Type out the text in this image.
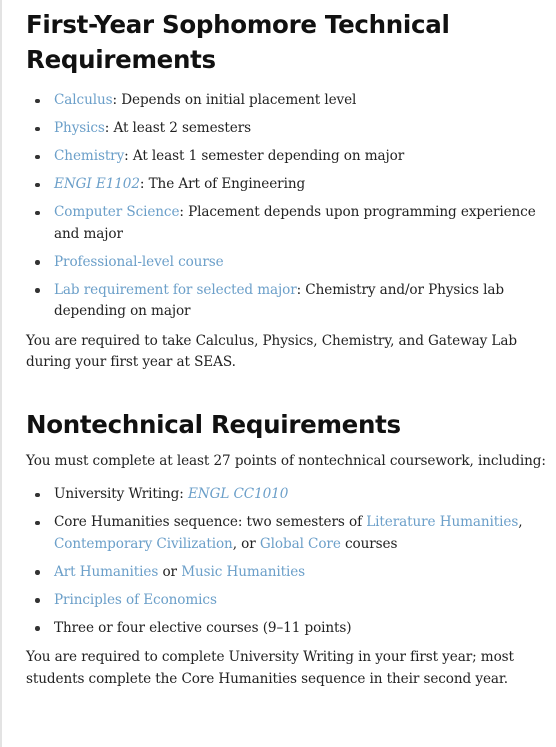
First-Year Sophomore Technical
Requirements
Calculus: Depends on initial placement level
Physics: At least 2 semesters
Chemistry: At least 1 semester depending on major
ENGI E1102: The Art of Engineering
Computer Science: Placement depends upon programming experience and major
Professional-level course
Lab requirement for selected major: Chemistry and/or Physics lab depending on major

You are required to take Calculus, Physics, Chemistry, and Gateway Lab during your first year at SEAS.

Nontechnical Requirements

You must complete at least 27 points of nontechnical coursework, including:

University Writing: ENGL CC1010
Core Humanities sequence: two semesters of Literature Humanities, Contemporary Civilization, or Global Core courses
Art Humanities or Music Humanities
Principles of Economics
Three or four elective courses (9–11 points)

You are required to complete University Writing in your first year; most students complete the Core Humanities sequence in their second year.
